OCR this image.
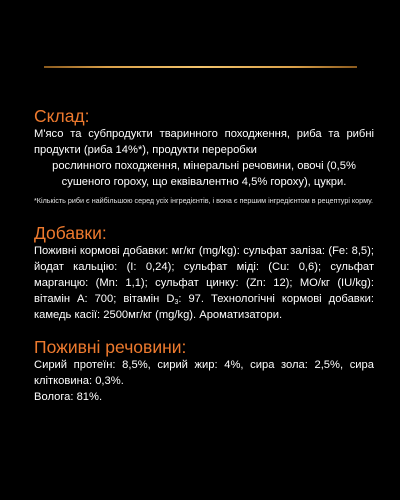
Склад:

М'ясо та субпродукти тваринного походження, риба та рибні продукти (риба 14%*), продукти переробки
рослинного походження, мінеральні речовини, овочі (0,5% сушеного гороху, що еквівалентно 4,5% гороху), цукри.

*Кількість риби є найбільшою серед усіх інгредієнтів, і вона є першим інгредієнтом в рецептурі корму.

Добавки:

Поживні кормові добавки: мг/кг (mg/kg): сульфат заліза: (Fe: 8,5); йодат кальцію: (I: 0,24); сульфат міді: (Cu: 0,6); сульфат марганцю: (Mn: 1,1); сульфат цинку: (Zn: 12); МО/кг (IU/kg): вітамін А: 700; вітамін $D_3$: 97. Технологічні кормові добавки: камедь касії: 2500мг/кг (mg/kg). Ароматизатори.

Поживні речовини:

Сирий протеїн: 8,5%, сирий жир: 4%, сира зола: 2,5%, сира клітковина: 0,3%.

Волога: 81%.
